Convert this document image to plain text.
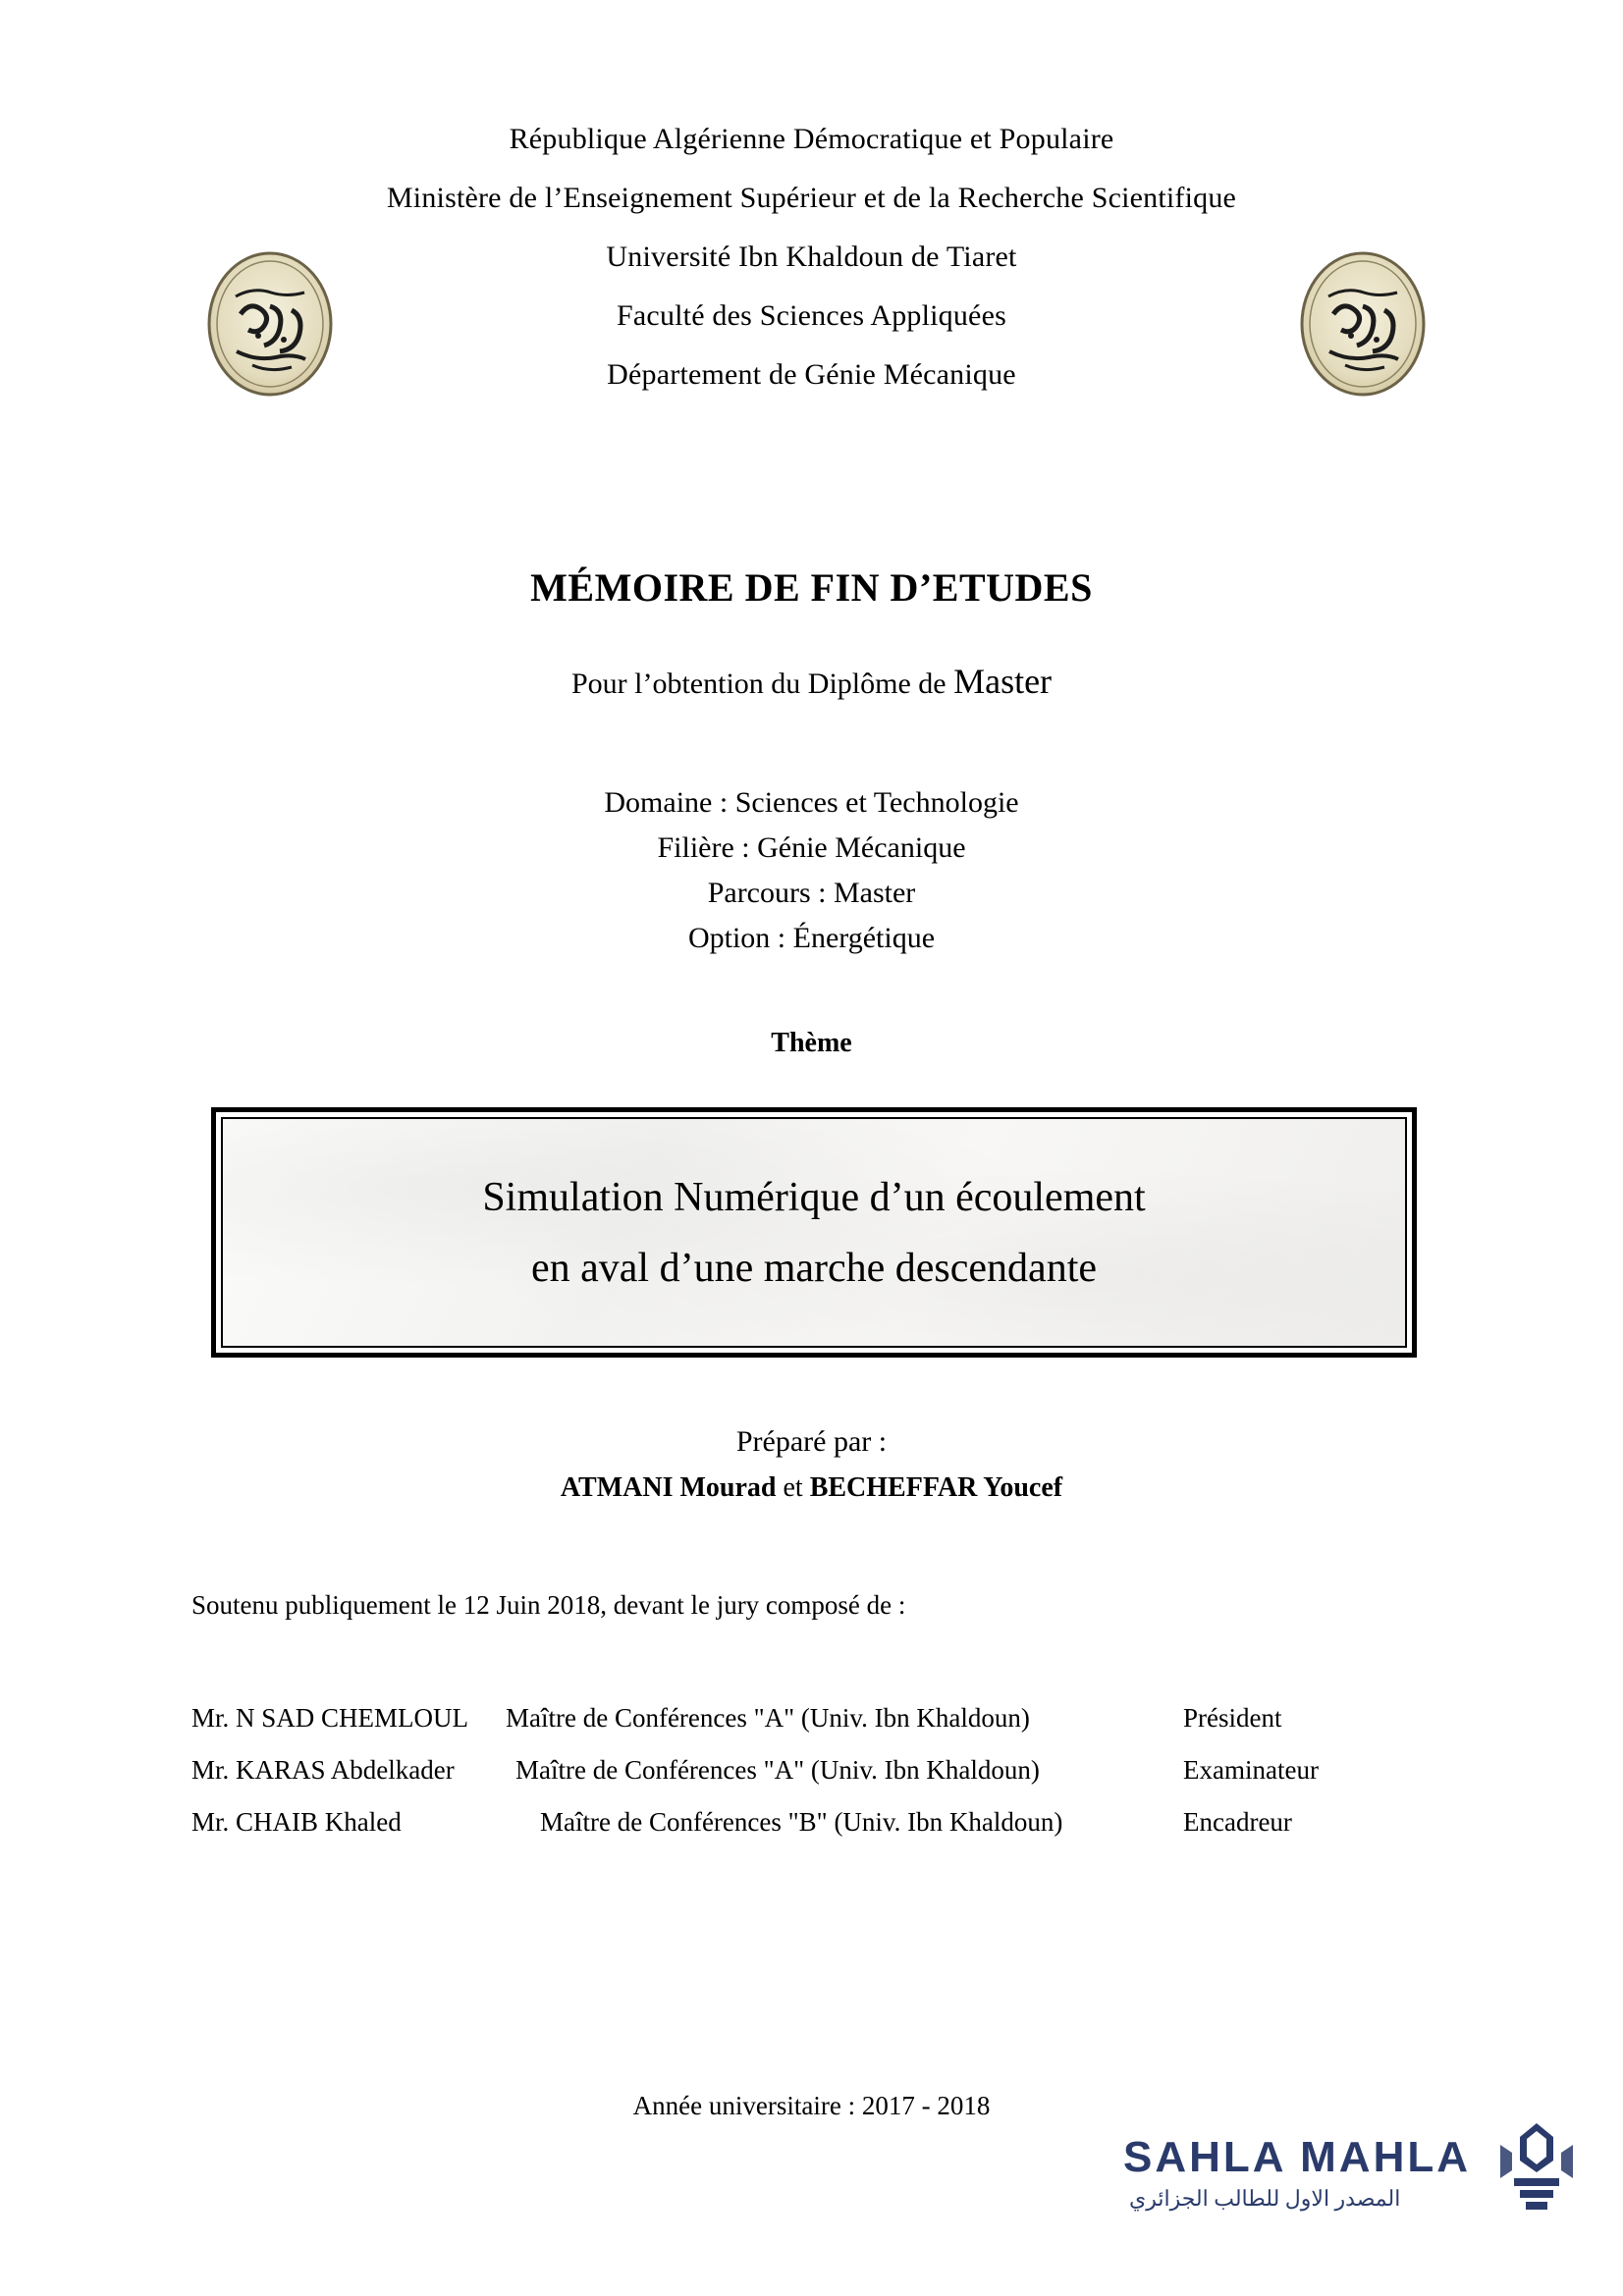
République Algérienne Démocratique et Populaire
Ministère de l’Enseignement Supérieur et de la Recherche Scientifique
Université Ibn Khaldoun de Tiaret
Faculté des Sciences Appliquées
Département de Génie Mécanique
MÉMOIRE DE FIN D’ETUDES
Pour l’obtention du Diplôme de Master
Domaine : Sciences et Technologie
Filière : Génie Mécanique
Parcours : Master
Option : Énergétique
Thème
Simulation Numérique d’un écoulement
en aval d’une marche descendante
Préparé par :
ATMANI Mourad et BECHEFFAR Youcef
Soutenu publiquement le 12 Juin 2018, devant le jury composé de :
Mr. N SAD CHEMLOUL	Maître de Conférences "A" (Univ. Ibn Khaldoun)	Président
Mr. KARAS Abdelkader	Maître de Conférences "A" (Univ. Ibn Khaldoun)	Examinateur
Mr. CHAIB Khaled	Maître de Conférences "B" (Univ. Ibn Khaldoun)	Encadreur
Année universitaire : 2017 - 2018
SAHLA MAHLA
المصدر الاول للطالب الجزائري
